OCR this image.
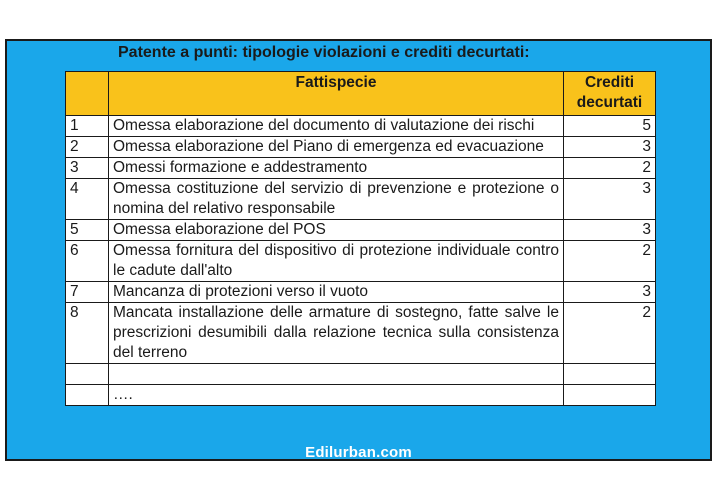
Patente a punti: tipologie violazioni e crediti decurtati:
	Fattispecie	Crediti
decurtati

1	Omessa elaborazione del documento di valutazione dei rischi	5
2	Omessa elaborazione del Piano di emergenza ed evacuazione	3
3	Omessi formazione e addestramento	2
4	Omessa costituzione del servizio di prevenzione e protezione o nomina del relativo responsabile	3
5	Omessa elaborazione del POS	3
6	Omessa fornitura del dispositivo di protezione individuale contro le cadute dall'alto	2
7	Mancanza di protezioni verso il vuoto	3
8	Mancata installazione delle armature di sostegno, fatte salve le prescrizioni desumibili dalla relazione tecnica sulla consistenza del terreno	2

	….	
Edilurban.com
